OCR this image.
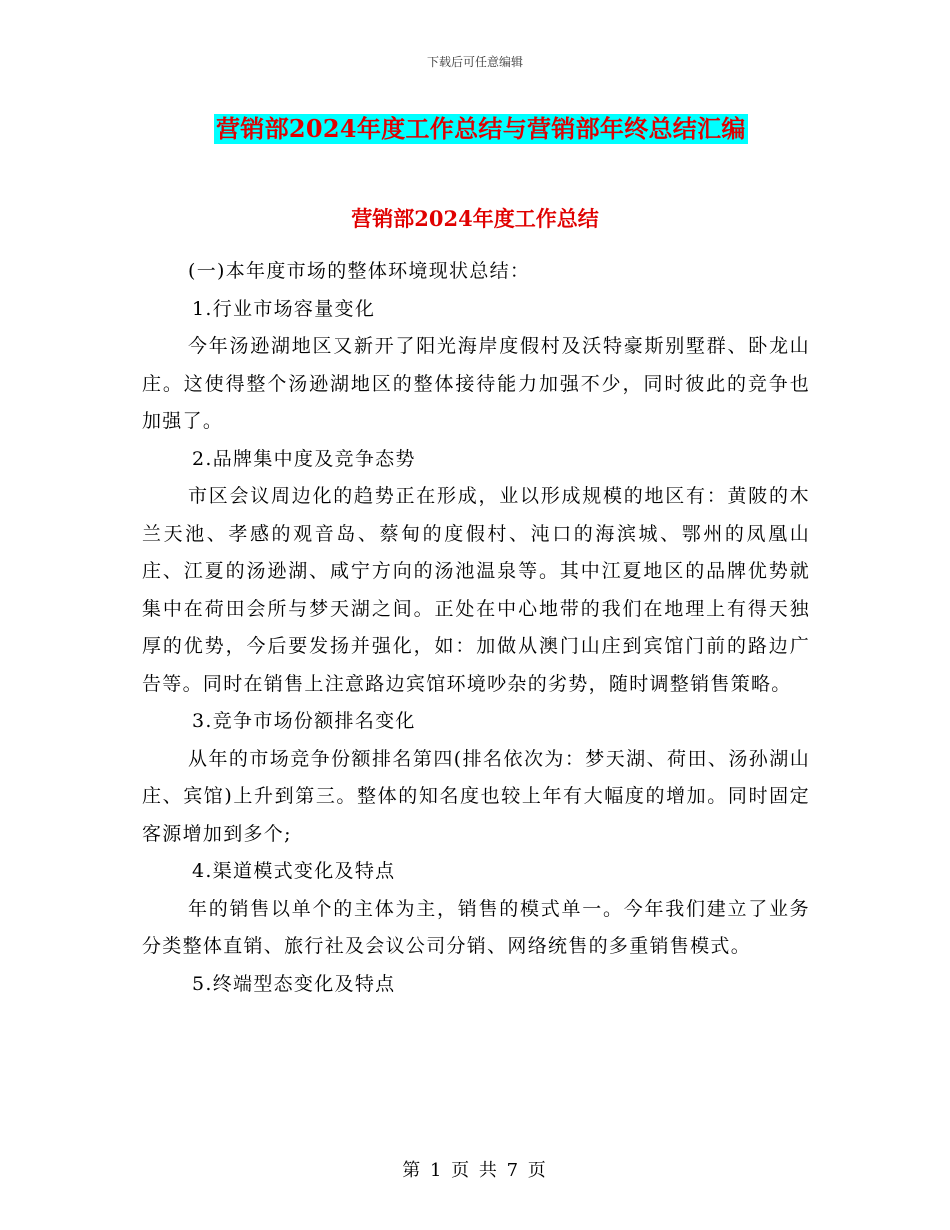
下载后可任意编辑
营销部2024年度工作总结与营销部年终总结汇编
营销部2024年度工作总结

(一)本年度市场的整体环境现状总结：

1.行业市场容量变化

今年汤逊湖地区又新开了阳光海岸度假村及沃特豪斯别墅群、卧龙山庄。这使得整个汤逊湖地区的整体接待能力加强不少，同时彼此的竞争也加强了。

2.品牌集中度及竞争态势

市区会议周边化的趋势正在形成，业以形成规模的地区有：黄陂的木兰天池、孝感的观音岛、蔡甸的度假村、沌口的海滨城、鄂州的凤凰山庄、江夏的汤逊湖、咸宁方向的汤池温泉等。其中江夏地区的品牌优势就集中在荷田会所与梦天湖之间。正处在中心地带的我们在地理上有得天独厚的优势，今后要发扬并强化，如：加做从澳门山庄到宾馆门前的路边广告等。同时在销售上注意路边宾馆环境吵杂的劣势，随时调整销售策略。

3.竞争市场份额排名变化

从年的市场竞争份额排名第四(排名依次为：梦天湖、荷田、汤孙湖山庄、宾馆)上升到第三。整体的知名度也较上年有大幅度的增加。同时固定客源增加到多个;

4.渠道模式变化及特点

年的销售以单个的主体为主，销售的模式单一。今年我们建立了业务分类整体直销、旅行社及会议公司分销、网络统售的多重销售模式。

5.终端型态变化及特点

第 1 页 共 7 页
